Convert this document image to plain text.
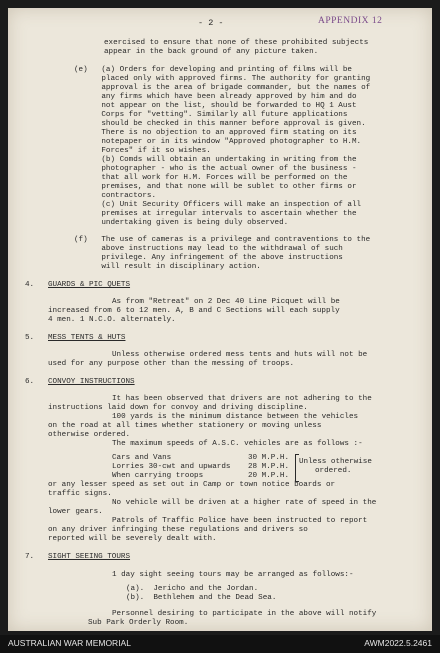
- 2 -	APPENDIX 12
exercised to ensure that none of these prohibited subjects
appear in the back ground of any picture taken.
(e)   (a) Orders for developing and printing of films will be
placed only with approved firms. The authority for granting
approval is the area of brigade commander, but the names of
any firms which have been already approved by him and do
not appear on the list, should be forwarded to HQ 1 Aust
Corps for "vetting". Similarly all future applications
should be checked in this manner before approval is given.
There is no objection to an approved firm stating on its
notepaper or in its window "Approved photographer to H.M.
Forces" if it so wishes.
(b) Comds will obtain an undertaking in writing from the
photographer - who is the actual owner of the business -
that all work for H.M. Forces will be performed on the
premises, and that none will be sublet to other firms or
contractors.
(c) Unit Security Officers will make an inspection of all
premises at irregular intervals to ascertain whether the
undertaking given is being duly observed.
(f)   The use of cameras is a privilege and contraventions to the
above instructions may lead to the withdrawal of such
privilege. Any infringement of the above instructions
will result in disciplinary action.
4. GUARDS & PIC QUETS
As from "Retreat" on 2 Dec 40 Line Picquet will be
increased from 6 to 12 men. A, B and C Sections will each supply
4 men. 1 N.C.O. alternately.
5. MESS TENTS & HUTS
Unless otherwise ordered mess tents and huts will not be
used for any purpose other than the messing of troops.
6. CONVOY INSTRUCTIONS
It has been observed that drivers are not adhering to the
instructions laid down for convoy and driving discipline.
100 yards is the minimum distance between the vehicles
on the road at all times whether stationery or moving unless
otherwise ordered.
The maximum speeds of A.S.C. vehicles are as follows :-
Cars and Vans	30 M.P.H.
Lorries 30-cwt and upwards 28 M.P.H.
When carrying troops	20 M.P.H.
Unless otherwise
ordered.
or any lesser speed as set out in Camp or town notice boards or
traffic signs.
No vehicle will be driven at a higher rate of speed in the
lower gears.
Patrols of Traffic Police have been instructed to report
on any driver infringing these regulations and drivers so
reported will be severely dealt with.
7. SIGHT SEEING TOURS
1 day sight seeing tours may be arranged as follows:-
(a).  Jericho and the Jordan.
(b).  Bethlehem and the Dead Sea.
Personnel desiring to participate in the above will notify
Sub Park Orderly Room.
AUSTRALIAN WAR MEMORIAL	AWM2022.5.2461
